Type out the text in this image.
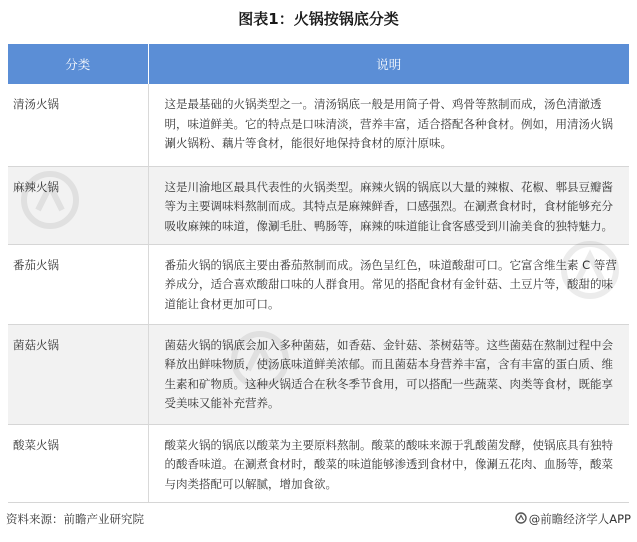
图表1：火锅按锅底分类
分类	说明
清汤火锅	这是最基础的火锅类型之一。清汤锅底一般是用筒子骨、鸡骨等熬制而成，汤色清澈透明，味道鲜美。它的特点是口味清淡，营养丰富，适合搭配各种食材。例如，用清汤火锅涮火锅粉、藕片等食材，能很好地保持食材的原汁原味。
麻辣火锅	这是川渝地区最具代表性的火锅类型。麻辣火锅的锅底以大量的辣椒、花椒、郫县豆瓣酱等为主要调味料熬制而成。其特点是麻辣鲜香，口感强烈。在涮煮食材时，食材能够充分吸收麻辣的味道，像涮毛肚、鸭肠等，麻辣的味道能让食客感受到川渝美食的独特魅力。
番茄火锅	番茄火锅的锅底主要由番茄熬制而成。汤色呈红色，味道酸甜可口。它富含维生素 C 等营养成分，适合喜欢酸甜口味的人群食用。常见的搭配食材有金针菇、土豆片等，酸甜的味道能让食材更加可口。
菌菇火锅	菌菇火锅的锅底会加入多种菌菇，如香菇、金针菇、茶树菇等。这些菌菇在熬制过程中会释放出鲜味物质，使汤底味道鲜美浓郁。而且菌菇本身营养丰富，含有丰富的蛋白质、维生素和矿物质。这种火锅适合在秋冬季节食用，可以搭配一些蔬菜、肉类等食材，既能享受美味又能补充营养。
酸菜火锅	酸菜火锅的锅底以酸菜为主要原料熬制。酸菜的酸味来源于乳酸菌发酵，使锅底具有独特的酸香味道。在涮煮食材时，酸菜的味道能够渗透到食材中，像涮五花肉、血肠等，酸菜与肉类搭配可以解腻，增加食欲。
资料来源：前瞻产业研究院	@前瞻经济学人APP
